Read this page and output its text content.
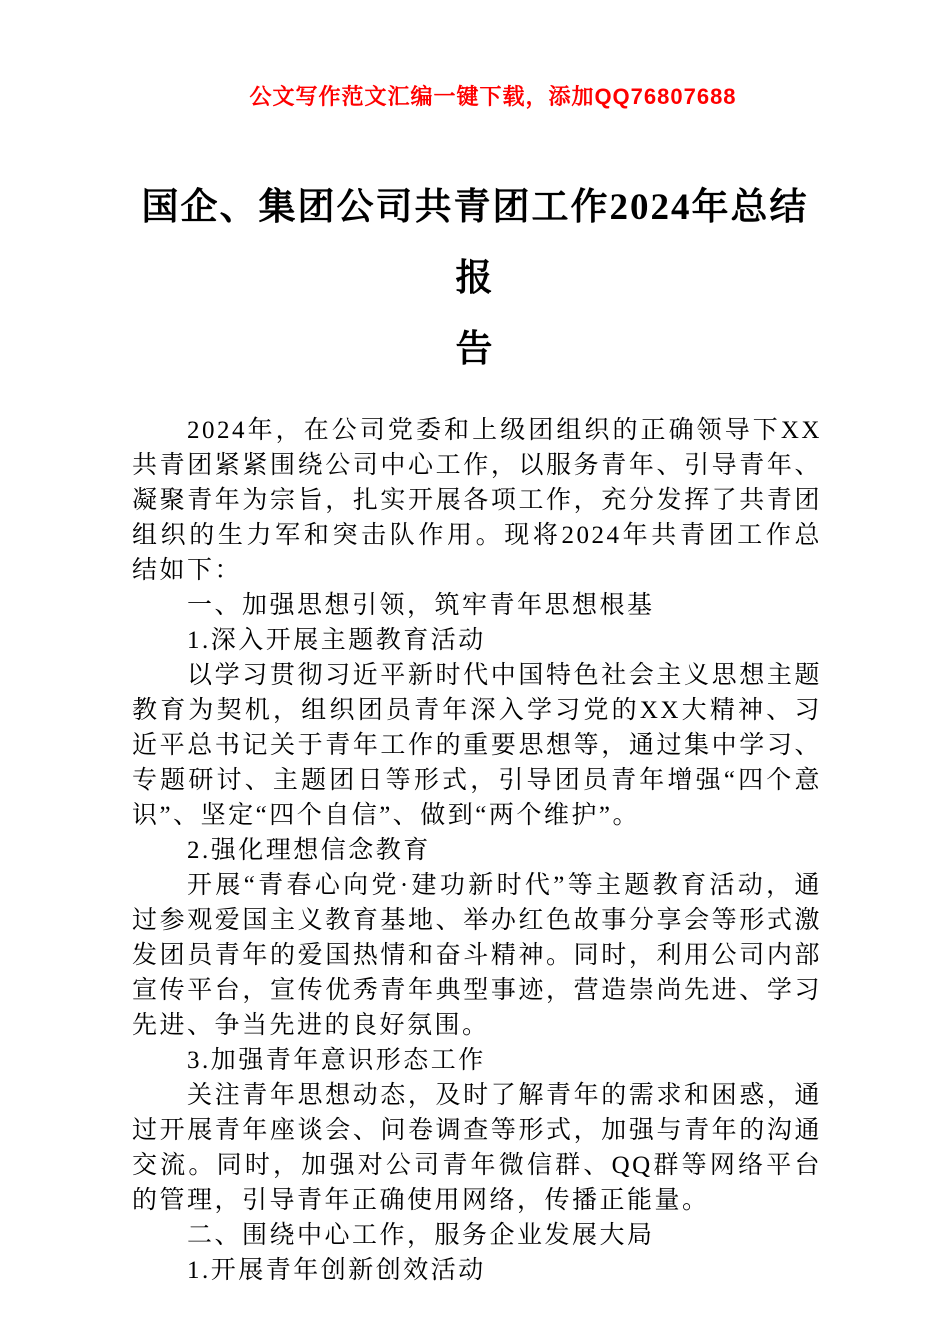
公文写作范文汇编一键下载，添加QQ76807688
国企、集团公司共青团工作2024年总结报
告

2024年，在公司党委和上级团组织的正确领导下XX共青团紧紧围绕公司中心工作，以服务青年、引导青年、凝聚青年为宗旨，扎实开展各项工作，充分发挥了共青团组织的生力军和突击队作用。现将2024年共青团工作总结如下：

一、加强思想引领，筑牢青年思想根基

1.深入开展主题教育活动

以学习贯彻习近平新时代中国特色社会主义思想主题教育为契机，组织团员青年深入学习党的XX大精神、习近平总书记关于青年工作的重要思想等，通过集中学习、专题研讨、主题团日等形式，引导团员青年增强“四个意识”、坚定“四个自信”、做到“两个维护”。

2.强化理想信念教育

开展“青春心向党·建功新时代”等主题教育活动，通过参观爱国主义教育基地、举办红色故事分享会等形式激发团员青年的爱国热情和奋斗精神。同时，利用公司内部宣传平台，宣传优秀青年典型事迹，营造崇尚先进、学习先进、争当先进的良好氛围。

3.加强青年意识形态工作

关注青年思想动态，及时了解青年的需求和困惑，通过开展青年座谈会、问卷调查等形式，加强与青年的沟通交流。同时，加强对公司青年微信群、QQ群等网络平台的管理，引导青年正确使用网络，传播正能量。

二、围绕中心工作，服务企业发展大局

1.开展青年创新创效活动
